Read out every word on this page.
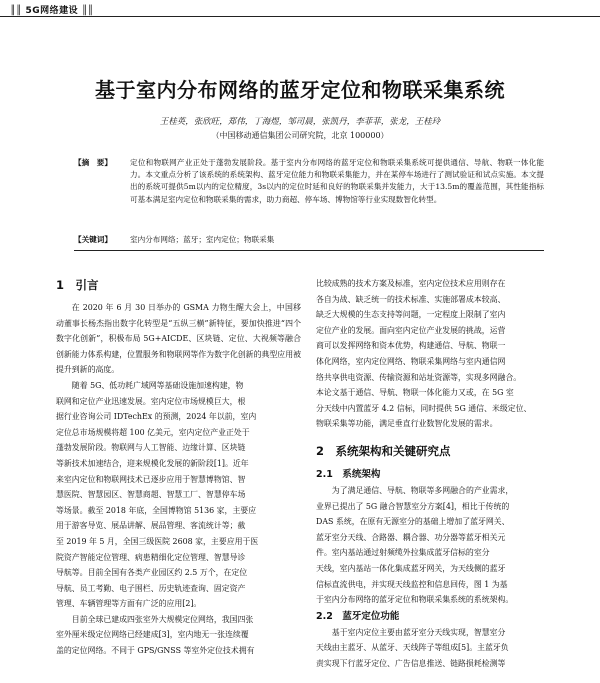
║║ 5G网络建设 ║║
基于室内分布网络的蓝牙定位和物联采集系统
王桂英，张欣旺，郑伟，丁海煜，邹司晨，张凯丹，李菲菲，张龙，王桂玲
（中国移动通信集团公司研究院，北京 100000）
【摘　要】 定位和物联网产业正处于蓬勃发展阶段。基于室内分布网络的蓝牙定位和物联采集系统可提供通信、导航、物联一体化能力。本文重点分析了该系统的系统架构、蓝牙定位能力和物联采集能力，并在某停车场进行了测试验证和试点实施。本文提出的系统可提供5m以内的定位精度，3s以内的定位时延和良好的物联采集并发能力，大于13.5m的覆盖范围，其性能指标可基本满足室内定位和物联采集的需求，助力商超、停车场、博物馆等行业实现数智化转型。
【关键词】 室内分布网络；蓝牙；室内定位；物联采集
1　引言

在 2020 年 6 月 30 日举办的 GSMA 力物生醒大会上，中国移动董事长杨杰指出数字化转型是“五纵三横”新特征，要加快推进“四个数字化创新”，积极布局 5G+AICDE、区块链、定位、大视频等融合创新能力体系构建，位置服务和物联网等作为数字化创新的典型应用被提升到新的高度。

随着 5G、低功耗广域网等基础设施加速构建，物
联网和定位产业迅速发展。室内定位市场规模巨大，根
据行业咨询公司 IDTechEx 的预测，2024 年以前，室内
定位总市场规模将超 100 亿美元，室内定位产业正处于
蓬勃发展阶段。物联网与人工智能、边缘计算、区块链
等新技术加速结合，迎来规模化发展的新阶段[1]。近年
来室内定位和物联网技术已逐步应用于智慧博物馆、智
慧医院、智慧园区、智慧商超、智慧工厂、智慧停车场
等场景。截至 2018 年底，全国博物馆 5136 家，主要应
用于游客导览、展品讲解、展品管理、客流统计等；截
至 2019 年 5 月，全国三级医院 2608 家，主要应用于医
院资产智能定位管理、病患精细化定位管理、智慧导诊
导航等。目前全国有各类产业园区约 2.5 万个，在定位
导航、员工考勤、电子围栏、历史轨迹查询、固定资产
管理、车辆管理等方面有广泛的应用[2]。
目前全球已建成四张室外大规模定位网络，我国四张
室外厘米级定位网络已经建成[3]，室内地无一张连续覆
盖的定位网络。不同于 GPS/GNSS 等室外定位技术拥有
比较成熟的技术方案及标准，室内定位技术应用则存在
各自为战、缺乏统一的技术标准、实施部署成本较高、
缺乏大规模的生态支持等问题，一定程度上限制了室内
定位产业的发展。面向室内定位产业发展的挑战，运营
商可以发挥网络和资本优势，构建通信、导航、物联一
体化网络，室内定位网络、物联采集网络与室内通信网
络共享供电资源、传输资源和站址资源等，实现多网融合。
本论文基于通信、导航、物联一体化能力又或，在 5G 室
分天线中内置蓝牙 4.2 信标，同时提供 5G 通信、米级定位、
物联采集等功能，满足垂直行业数智化发展的需求。
2　系统架构和关键研究点
2.1　系统架构
为了满足通信、导航、物联等多网融合的产业需求，
业界已提出了 5G 融合智慧室分方案[4]，相比于传统的
DAS 系统，在原有无源室分的基础上增加了蓝牙网关、
蓝牙室分天线、合路器、耦合器、功分器等蓝牙相关元
件。室内基站通过射频缆外拉集成蓝牙信标的室分
天线，室内基站一体化集成蓝牙网关，为天线侧的蓝牙
信标直流供电，并实现天线监控和信息回传，图 1 为基
于室内分布网络的蓝牙定位和物联采集系统的系统架构。
2.2　蓝牙定位功能
基于室内定位主要由蓝牙室分天线实现，智慧室分
天线由主蓝牙、从蓝牙、天线阵子等组成[5]。主蓝牙负
责实现下行蓝牙定位、广告信息推送、链路损耗检测等
